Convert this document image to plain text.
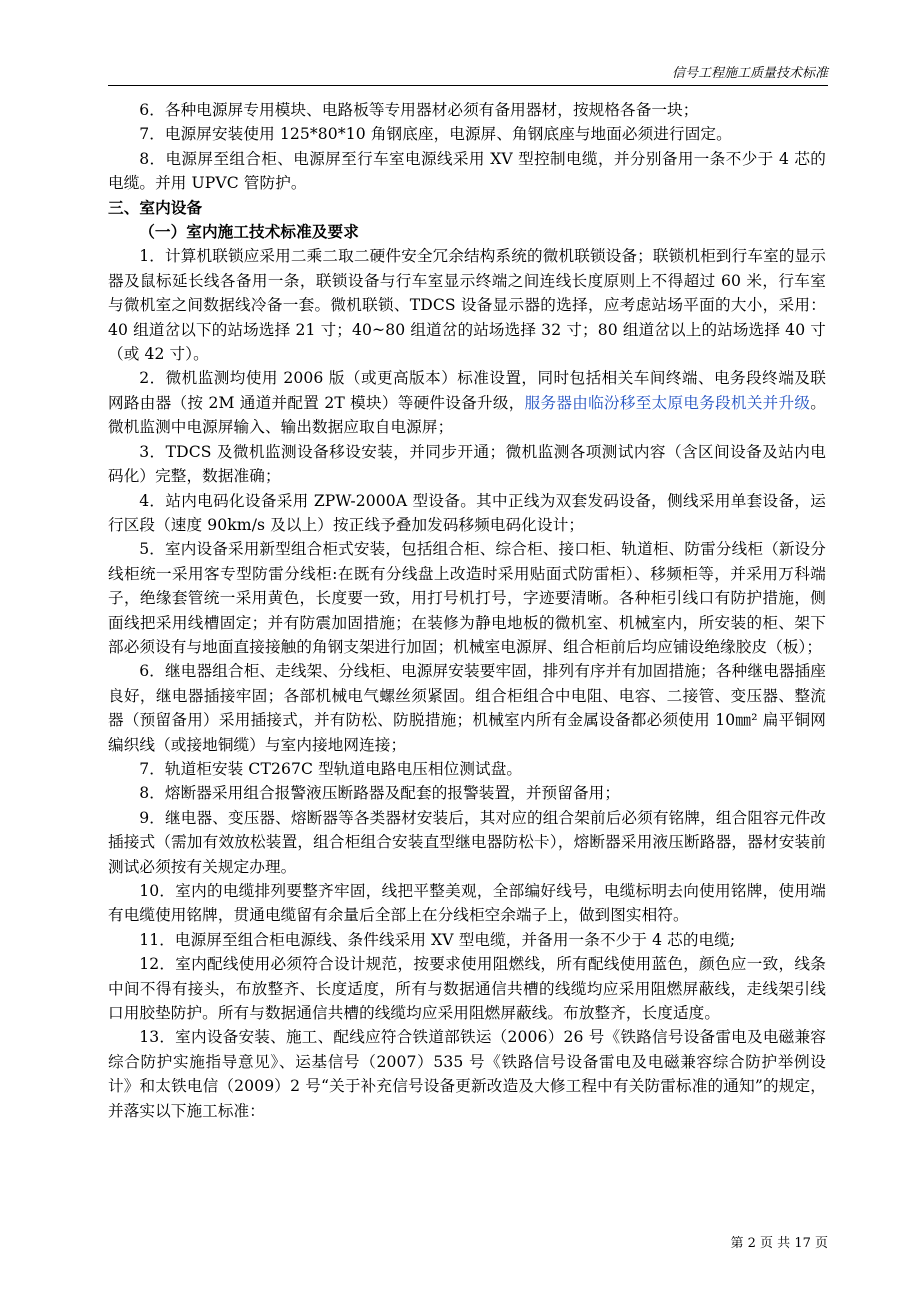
信号工程施工质量技术标准

6．各种电源屏专用模块、电路板等专用器材必须有备用器材，按规格各备一块；

7．电源屏安装使用 125*80*10 角钢底座，电源屏、角钢底座与地面必须进行固定。

8．电源屏至组合柜、电源屏至行车室电源线采用 XV 型控制电缆，并分别备用一条不少于 4 芯的电缆。并用 UPVC 管防护。

三、室内设备

（一）室内施工技术标准及要求

1．计算机联锁应采用二乘二取二硬件安全冗余结构系统的微机联锁设备；联锁机柜到行车室的显示器及鼠标延长线各备用一条，联锁设备与行车室显示终端之间连线长度原则上不得超过 60 米，行车室与微机室之间数据线冷备一套。微机联锁、TDCS 设备显示器的选择，应考虑站场平面的大小，采用：40 组道岔以下的站场选择 21 寸；40~80 组道岔的站场选择 32 寸；80 组道岔以上的站场选择 40 寸（或 42 寸）。

2．微机监测均使用 2006 版（或更高版本）标准设置，同时包括相关车间终端、电务段终端及联网路由器（按 2M 通道并配置 2T 模块）等硬件设备升级，服务器由临汾移至太原电务段机关并升级。微机监测中电源屏输入、输出数据应取自电源屏；

3．TDCS 及微机监测设备移设安装，并同步开通；微机监测各项测试内容（含区间设备及站内电码化）完整，数据准确；

4．站内电码化设备采用 ZPW-2000A 型设备。其中正线为双套发码设备，侧线采用单套设备，运行区段（速度 90km/s 及以上）按正线予叠加发码移频电码化设计；

5．室内设备采用新型组合柜式安装，包括组合柜、综合柜、接口柜、轨道柜、防雷分线柜（新设分线柜统一采用客专型防雷分线柜:在既有分线盘上改造时采用贴面式防雷柜）、移频柜等，并采用万科端子，绝缘套管统一采用黄色，长度要一致，用打号机打号，字迹要清晰。各种柜引线口有防护措施，侧面线把采用线槽固定；并有防震加固措施；在装修为静电地板的微机室、机械室内，所安装的柜、架下部必须设有与地面直接接触的角钢支架进行加固；机械室电源屏、组合柜前后均应铺设绝缘胶皮（板）；

6．继电器组合柜、走线架、分线柜、电源屏安装要牢固，排列有序并有加固措施；各种继电器插座良好，继电器插接牢固；各部机械电气螺丝须紧固。组合柜组合中电阻、电容、二接管、变压器、整流器（预留备用）采用插接式，并有防松、防脱措施；机械室内所有金属设备都必须使用 10㎜² 扁平铜网编织线（或接地铜缆）与室内接地网连接；

7．轨道柜安装 CT267C 型轨道电路电压相位测试盘。

8．熔断器采用组合报警液压断路器及配套的报警装置，并预留备用；

9．继电器、变压器、熔断器等各类器材安装后，其对应的组合架前后必须有铭牌，组合阻容元件改插接式（需加有效放松装置，组合柜组合安装直型继电器防松卡），熔断器采用液压断路器，器材安装前测试必须按有关规定办理。

10．室内的电缆排列要整齐牢固，线把平整美观，全部编好线号，电缆标明去向使用铭牌，使用端有电缆使用铭牌，贯通电缆留有余量后全部上在分线柜空余端子上，做到图实相符。

11．电源屏至组合柜电源线、条件线采用 XV 型电缆，并备用一条不少于 4 芯的电缆;

12．室内配线使用必须符合设计规范，按要求使用阻燃线，所有配线使用蓝色，颜色应一致，线条中间不得有接头，布放整齐、长度适度，所有与数据通信共槽的线缆均应采用阻燃屏蔽线，走线架引线口用胶垫防护。所有与数据通信共槽的线缆均应采用阻燃屏蔽线。布放整齐，长度适度。

13．室内设备安装、施工、配线应符合铁道部铁运（2006）26 号《铁路信号设备雷电及电磁兼容综合防护实施指导意见》、运基信号（2007）535 号《铁路信号设备雷电及电磁兼容综合防护举例设计》和太铁电信（2009）2 号“关于补充信号设备更新改造及大修工程中有关防雷标准的通知”的规定，并落实以下施工标准：

第 2 页 共 17 页
